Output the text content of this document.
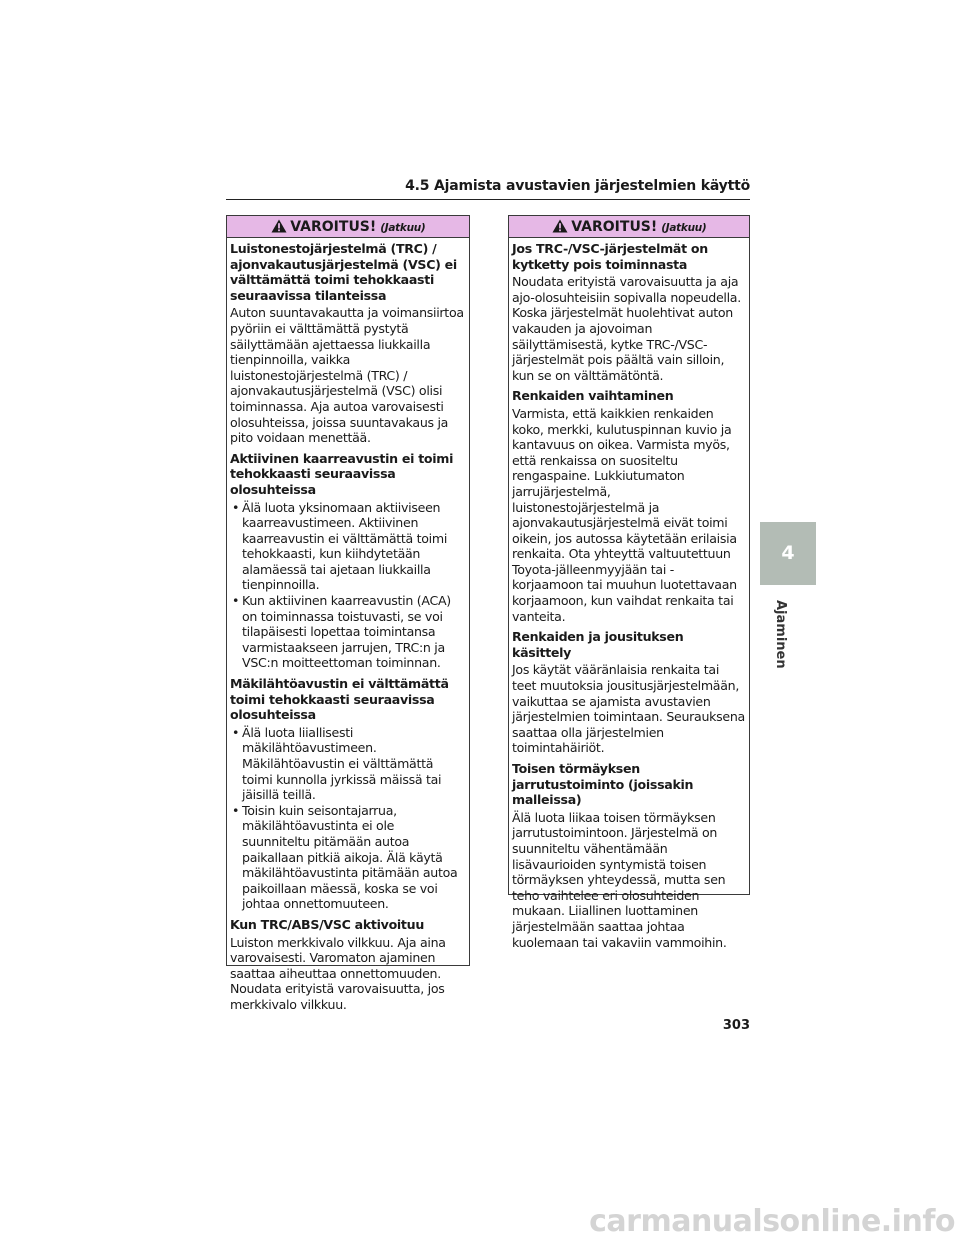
4.5 Ajamista avustavien järjestelmien käyttö
VAROITUS! (Jatkuu)
Luistonestojärjestelmä (TRC) / ajonvakautusjärjestelmä (VSC) ei välttämättä toimi tehokkaasti seuraavissa tilanteissa

Auton suuntavakautta ja voimansiirtoa pyöriin ei välttämättä pystytä säilyttämään ajettaessa liukkailla tienpinnoilla, vaikka luistonestojärjestelmä (TRC) / ajonvakautusjärjestelmä (VSC) olisi toiminnassa. Aja autoa varovaisesti olosuhteissa, joissa suuntavakaus ja pito voidaan menettää.

Aktiivinen kaarreavustin ei toimi tehokkaasti seuraavissa olosuhteissa
• Älä luota yksinomaan aktiiviseen kaarreavustimeen. Aktiivinen kaarreavustin ei välttämättä toimi tehokkaasti, kun kiihdytetään alamäessä tai ajetaan liukkailla tienpinnoilla.
• Kun aktiivinen kaarreavustin (ACA) on toiminnassa toistuvasti, se voi tilapäisesti lopettaa toimintansa varmistaakseen jarrujen, TRC:n ja VSC:n moitteettoman toiminnan.
Mäkilähtöavustin ei välttämättä toimi tehokkaasti seuraavissa olosuhteissa
• Älä luota liiallisesti mäkilähtöavustimeen. Mäkilähtöavustin ei välttämättä toimi kunnolla jyrkissä mäissä tai jäisillä teillä.
• Toisin kuin seisontajarrua, mäkilähtöavustinta ei ole suunniteltu pitämään autoa paikallaan pitkiä aikoja. Älä käytä mäkilähtöavustinta pitämään autoa paikoillaan mäessä, koska se voi johtaa onnettomuuteen.
Kun TRC/ABS/VSC aktivoituu

Luiston merkkivalo vilkkuu. Aja aina varovaisesti. Varomaton ajaminen saattaa aiheuttaa onnettomuuden. Noudata erityistä varovaisuutta, jos merkkivalo vilkkuu.

VAROITUS! (Jatkuu)
Jos TRC-/VSC-järjestelmät on kytketty pois toiminnasta

Noudata erityistä varovaisuutta ja aja ajo-olosuhteisiin sopivalla nopeudella. Koska järjestelmät huolehtivat auton vakauden ja ajovoiman säilyttämisestä, kytke TRC-/VSC-järjestelmät pois päältä vain silloin, kun se on välttämätöntä.

Renkaiden vaihtaminen

Varmista, että kaikkien renkaiden koko, merkki, kulutuspinnan kuvio ja kantavuus on oikea. Varmista myös, että renkaissa on suositeltu rengaspaine. Lukkiutumaton jarrujärjestelmä, luistonestojärjestelmä ja ajonvakautusjärjestelmä eivät toimi oikein, jos autossa käytetään erilaisia renkaita. Ota yhteyttä valtuutettuun Toyota-jälleenmyyjään tai -korjaamoon tai muuhun luotettavaan korjaamoon, kun vaihdat renkaita tai vanteita.

Renkaiden ja jousituksen käsittely

Jos käytät vääränlaisia renkaita tai teet muutoksia jousitusjärjestelmään, vaikuttaa se ajamista avustavien järjestelmien toimintaan. Seurauksena saattaa olla järjestelmien toimintahäiriöt.

Toisen törmäyksen jarrutustoiminto (joissakin malleissa)

Älä luota liikaa toisen törmäyksen jarrutustoimintoon. Järjestelmä on suunniteltu vähentämään lisävaurioiden syntymistä toisen törmäyksen yhteydessä, mutta sen teho vaihtelee eri olosuhteiden mukaan. Liiallinen luottaminen järjestelmään saattaa johtaa kuolemaan tai vakaviin vammoihin.

4
Ajaminen
303
carmanualsonline.info
